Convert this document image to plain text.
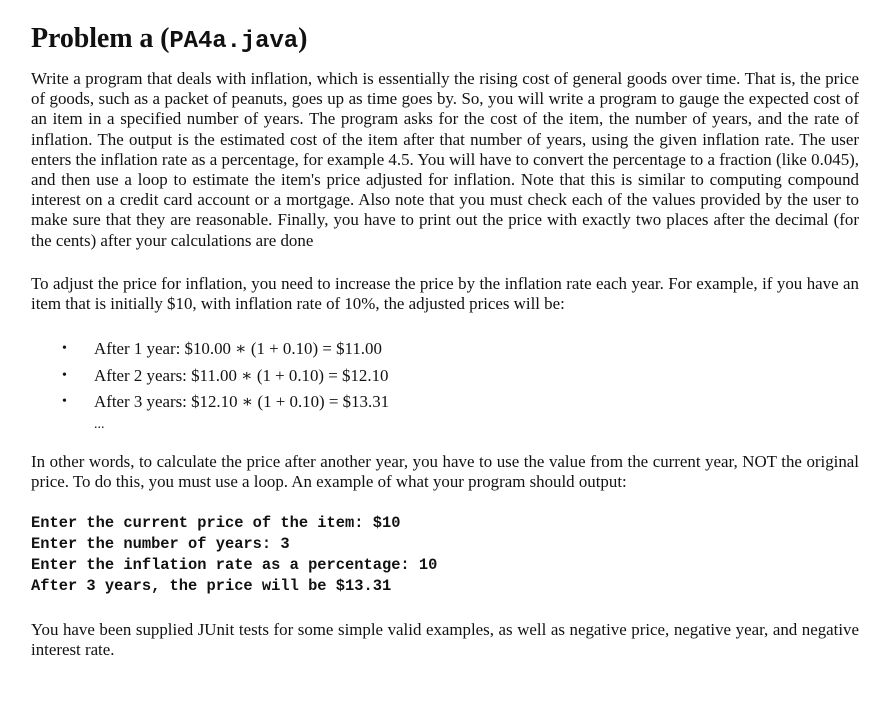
Problem a (PA4a.java)

Write a program that deals with inflation, which is essentially the rising cost of general goods over time. That is, the price of goods, such as a packet of peanuts, goes up as time goes by. So, you will write a program to gauge the expected cost of an item in a specified number of years. The program asks for the cost of the item, the number of years, and the rate of inflation. The output is the estimated cost of the item after that number of years, using the given inflation rate. The user enters the inflation rate as a percentage, for example 4.5. You will have to convert the percentage to a fraction (like 0.045), and then use a loop to estimate the item's price adjusted for inflation. Note that this is similar to computing compound interest on a credit card account or a mortgage. Also note that you must check each of the values provided by the user to make sure that they are reasonable. Finally, you have to print out the price with exactly two places after the decimal (for the cents) after your calculations are done

To adjust the price for inflation, you need to increase the price by the inflation rate each year. For example, if you have an item that is initially $10, with inflation rate of 10%, the adjusted prices will be:

• After 1 year: $10.00 ∗ (1 + 0.10) = $11.00
• After 2 years: $11.00 ∗ (1 + 0.10) = $12.10
• After 3 years: $12.10 ∗ (1 + 0.10) = $13.31
...

In other words, to calculate the price after another year, you have to use the value from the current year, NOT the original price. To do this, you must use a loop. An example of what your program should output:

Enter the current price of the item: $10
Enter the number of years: 3
Enter the inflation rate as a percentage: 10
After 3 years, the price will be $13.31

You have been supplied JUnit tests for some simple valid examples, as well as negative price, negative year, and negative interest rate.
